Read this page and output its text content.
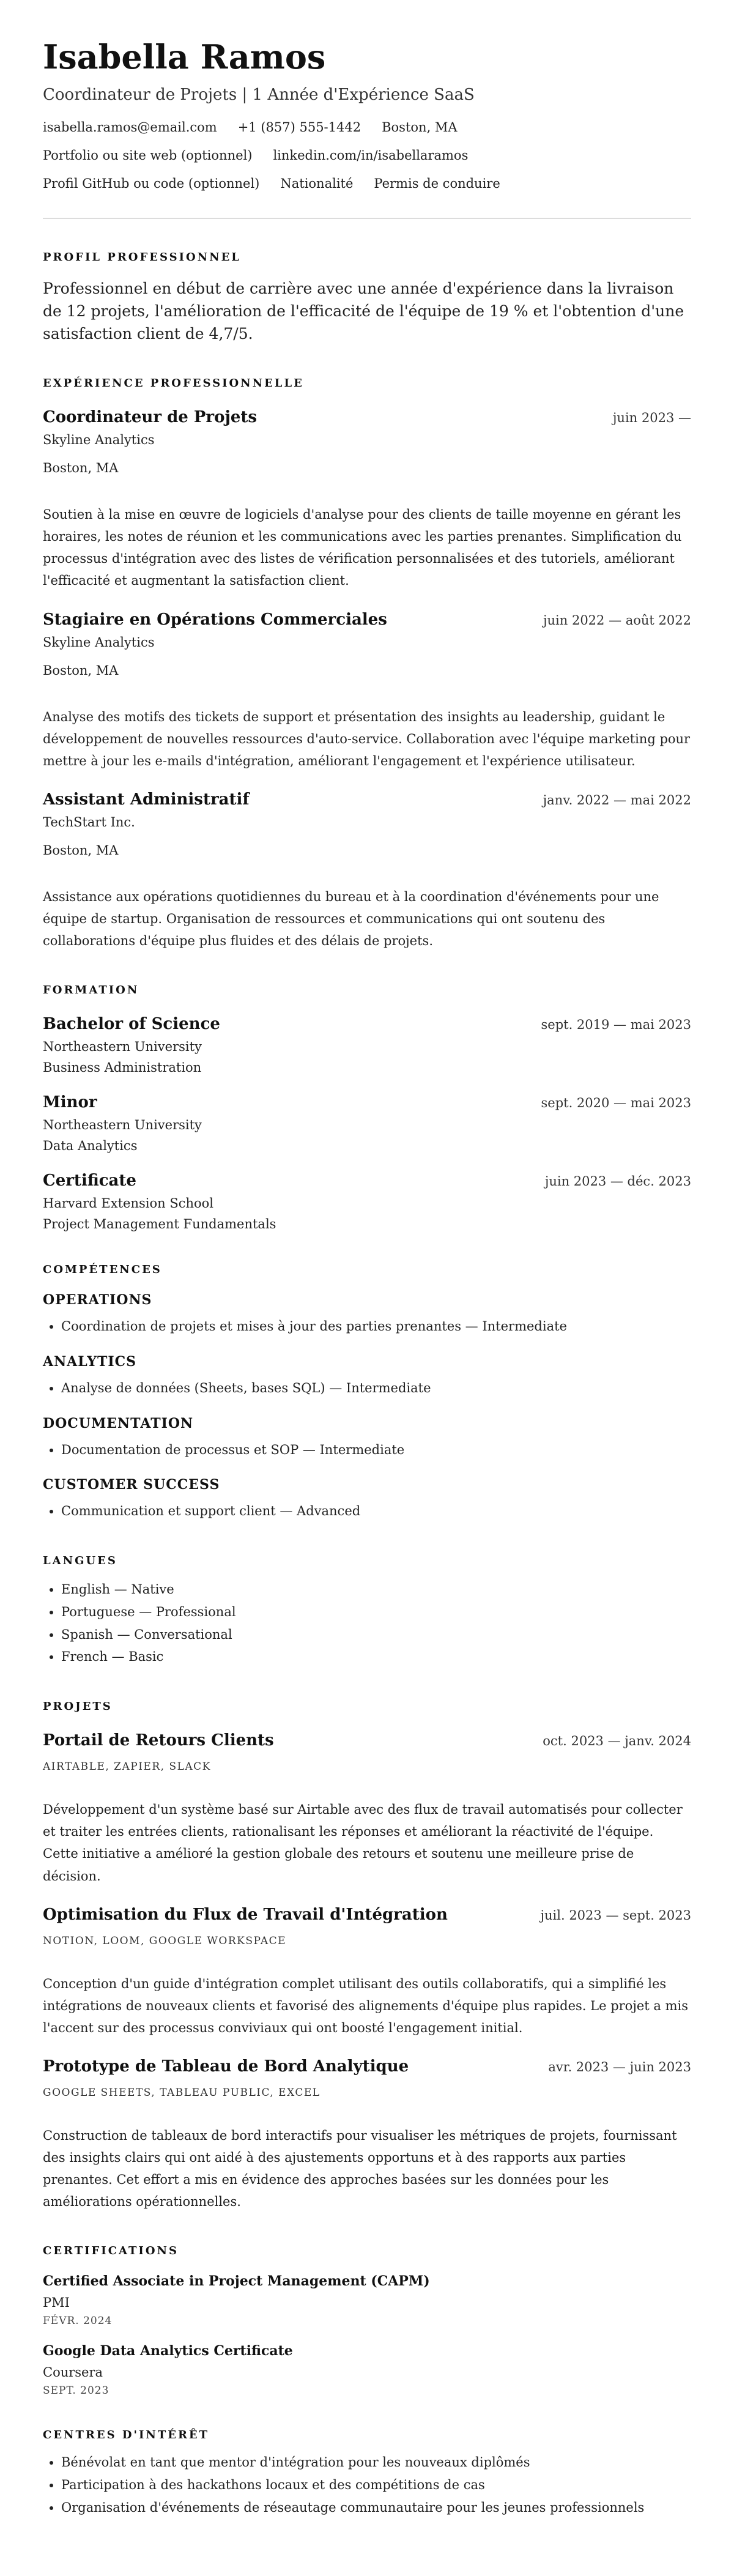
Isabella Ramos
Coordinateur de Projets | 1 Année d'Expérience SaaS
isabella.ramos@email.com +1 (857) 555-1442 Boston, MA
Portfolio ou site web (optionnel) linkedin.com/in/isabellaramos
Profil GitHub ou code (optionnel) Nationalité Permis de conduire
PROFIL PROFESSIONNEL
Professionnel en début de carrière avec une année d'expérience dans la livraison de 12 projets, l'amélioration de l'efficacité de l'équipe de 19 % et l'obtention d'une satisfaction client de 4,7/5.
EXPÉRIENCE PROFESSIONNELLE
Coordinateur de Projets	juin 2023 —
Skyline Analytics
Boston, MA
Soutien à la mise en œuvre de logiciels d'analyse pour des clients de taille moyenne en gérant les horaires, les notes de réunion et les communications avec les parties prenantes. Simplification du processus d'intégration avec des listes de vérification personnalisées et des tutoriels, améliorant l'efficacité et augmentant la satisfaction client.
Stagiaire en Opérations Commerciales	juin 2022 — août 2022
Skyline Analytics
Boston, MA
Analyse des motifs des tickets de support et présentation des insights au leadership, guidant le développement de nouvelles ressources d'auto-service. Collaboration avec l'équipe marketing pour mettre à jour les e-mails d'intégration, améliorant l'engagement et l'expérience utilisateur.
Assistant Administratif	janv. 2022 — mai 2022
TechStart Inc.
Boston, MA
Assistance aux opérations quotidiennes du bureau et à la coordination d'événements pour une équipe de startup. Organisation de ressources et communications qui ont soutenu des collaborations d'équipe plus fluides et des délais de projets.
FORMATION
Bachelor of Science	sept. 2019 — mai 2023
Northeastern University
Business Administration
Minor	sept. 2020 — mai 2023
Northeastern University
Data Analytics
Certificate	juin 2023 — déc. 2023
Harvard Extension School
Project Management Fundamentals
COMPÉTENCES
OPERATIONS
• Coordination de projets et mises à jour des parties prenantes — Intermediate
ANALYTICS
• Analyse de données (Sheets, bases SQL) — Intermediate
DOCUMENTATION
• Documentation de processus et SOP — Intermediate
CUSTOMER SUCCESS
• Communication et support client — Advanced
LANGUES
• English — Native
• Portuguese — Professional
• Spanish — Conversational
• French — Basic
PROJETS
Portail de Retours Clients	oct. 2023 — janv. 2024
AIRTABLE, ZAPIER, SLACK
Développement d'un système basé sur Airtable avec des flux de travail automatisés pour collecter et traiter les entrées clients, rationalisant les réponses et améliorant la réactivité de l'équipe. Cette initiative a amélioré la gestion globale des retours et soutenu une meilleure prise de décision.
Optimisation du Flux de Travail d'Intégration	juil. 2023 — sept. 2023
NOTION, LOOM, GOOGLE WORKSPACE
Conception d'un guide d'intégration complet utilisant des outils collaboratifs, qui a simplifié les intégrations de nouveaux clients et favorisé des alignements d'équipe plus rapides. Le projet a mis l'accent sur des processus conviviaux qui ont boosté l'engagement initial.
Prototype de Tableau de Bord Analytique	avr. 2023 — juin 2023
GOOGLE SHEETS, TABLEAU PUBLIC, EXCEL
Construction de tableaux de bord interactifs pour visualiser les métriques de projets, fournissant des insights clairs qui ont aidé à des ajustements opportuns et à des rapports aux parties prenantes. Cet effort a mis en évidence des approches basées sur les données pour les améliorations opérationnelles.
CERTIFICATIONS
Certified Associate in Project Management (CAPM)
PMI
FÉVR. 2024
Google Data Analytics Certificate
Coursera
SEPT. 2023
CENTRES D'INTÉRÊT
• Bénévolat en tant que mentor d'intégration pour les nouveaux diplômés
• Participation à des hackathons locaux et des compétitions de cas
• Organisation d'événements de réseautage communautaire pour les jeunes professionnels
